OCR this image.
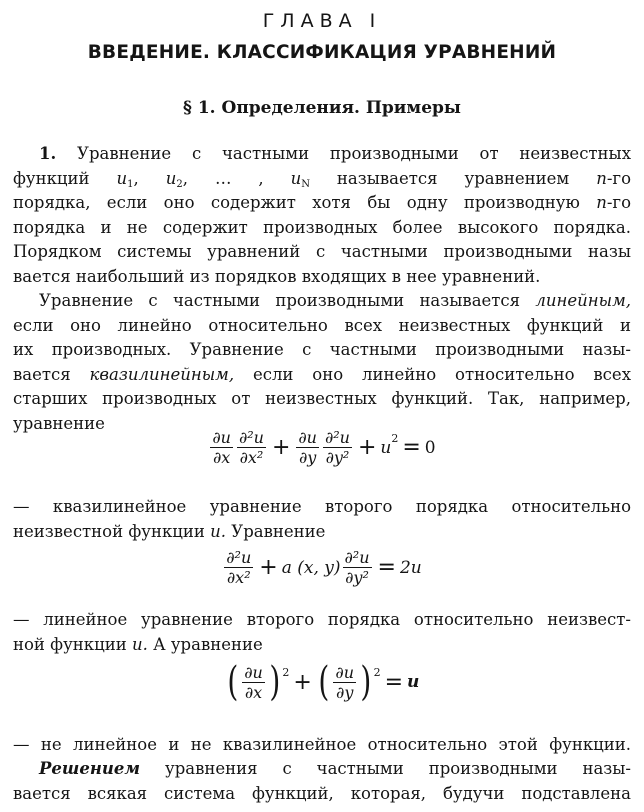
ГЛАВА I
ВВЕДЕНИЕ. КЛАССИФИКАЦИЯ УРАВНЕНИЙ
§ 1. Определения. Примеры
1. Уравнение с частными производными от неизвестных
функций $u_1$, $u_2$, … , $u_N$ называется уравнением n-го
порядка, если оно содержит хотя бы одну производную n-го
порядка и не содержит производных более высокого порядка.
Порядком системы уравнений с частными производными назы
вается наибольший из порядков входящих в нее уравнений.
Уравнение с частными производными называется линейным,
если оно линейно относительно всех неизвестных функций и
их производных. Уравнение с частными производными назы-
вается квазилинейным, если оно линейно относительно всех
старших производных от неизвестных функций. Так, например,
уравнение
$\frac{\partial u}{\partial x} \frac{\text{∂²u}}{\text{∂x²}} + \frac{\partial u}{\partial y} \frac{\text{∂²u}}{\text{∂y²}} + u$ 2 = 0
— квазилинейное уравнение второго порядка относительно
неизвестной функции u. Уравнение
$\frac{\text{∂²u}}{\text{∂x²}} + a$ (x, $y) \frac{\text{∂²u}}{\text{∂y²}} = 2u$
— линейное уравнение второго порядка относительно неизвест-
ной функции u. А уравнение
( $\frac{\partial u}{\partial x}$ ) 2 + ( $\frac{\partial u}{\partial y}$ ) 2 = u
— не линейное и не квазилинейное относительно этой функции.
Решением уравнения с частными производными назы-
вается всякая система функций, которая, будучи подставлена
